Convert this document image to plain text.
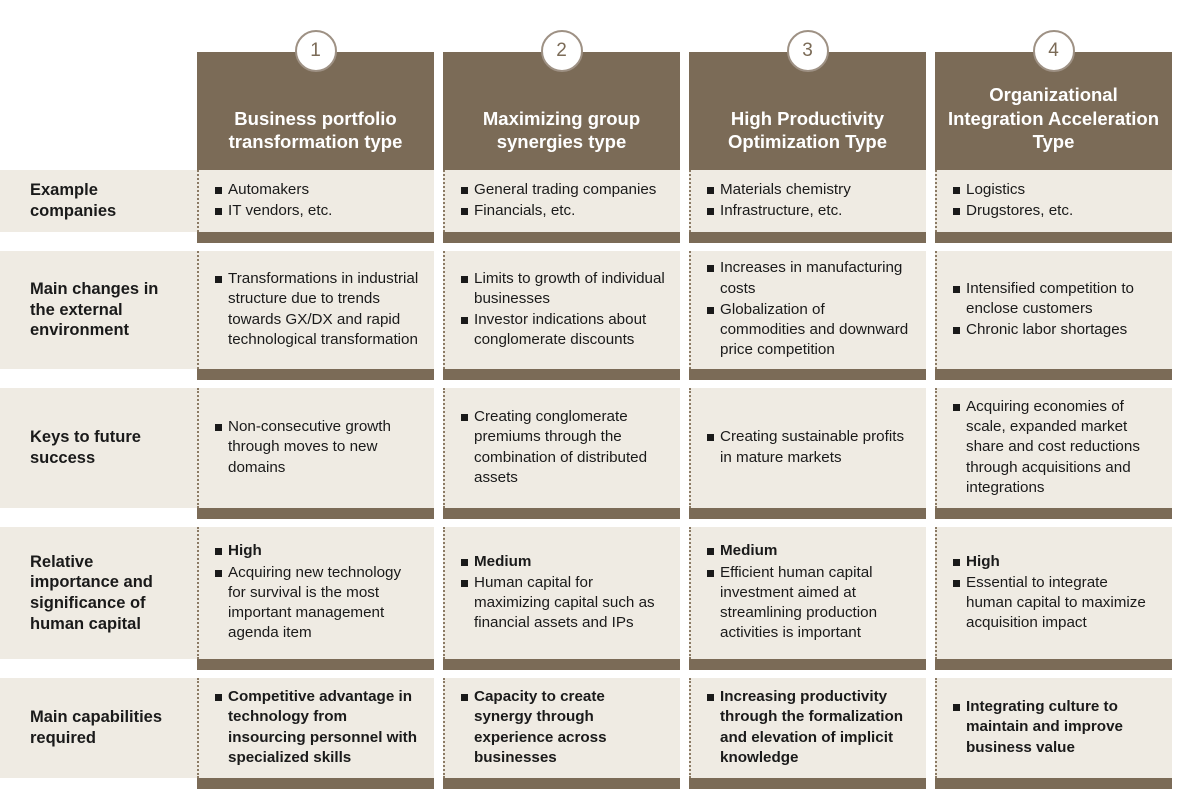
1
Business portfolio transformation type
2
Maximizing group synergies type
3
High Productivity Optimization Type
4
Organizational Integration Acceleration Type
Example companies
Automakers
IT vendors, etc.
General trading companies
Financials, etc.
Materials chemistry
Infrastructure, etc.
Logistics
Drugstores, etc.
Main changes in the external environment
Transformations in industrial structure due to trends towards GX/DX and rapid technological transformation
Limits to growth of individual businesses
Investor indications about conglomerate discounts
Increases in manufacturing costs
Globalization of commodities and downward price competition
Intensified competition to enclose customers
Chronic labor shortages
Keys to future success
Non-consecutive growth through moves to new domains
Creating conglomerate premiums through the combination of distributed assets
Creating sustainable profits in mature markets
Acquiring economies of scale, expanded market share and cost reductions through acquisitions and integrations
Relative importance and significance of human capital
High
Acquiring new technology for survival is the most important management agenda item
Medium
Human capital for maximizing capital such as financial assets and IPs
Medium
Efficient human capital investment aimed at streamlining production activities is important
High
Essential to integrate human capital to maximize acquisition impact
Main capabilities required
Competitive advantage in technology from insourcing personnel with specialized skills
Capacity to create synergy through experience across businesses
Increasing productivity through the formalization and elevation of implicit knowledge
Integrating culture to maintain and improve business value
